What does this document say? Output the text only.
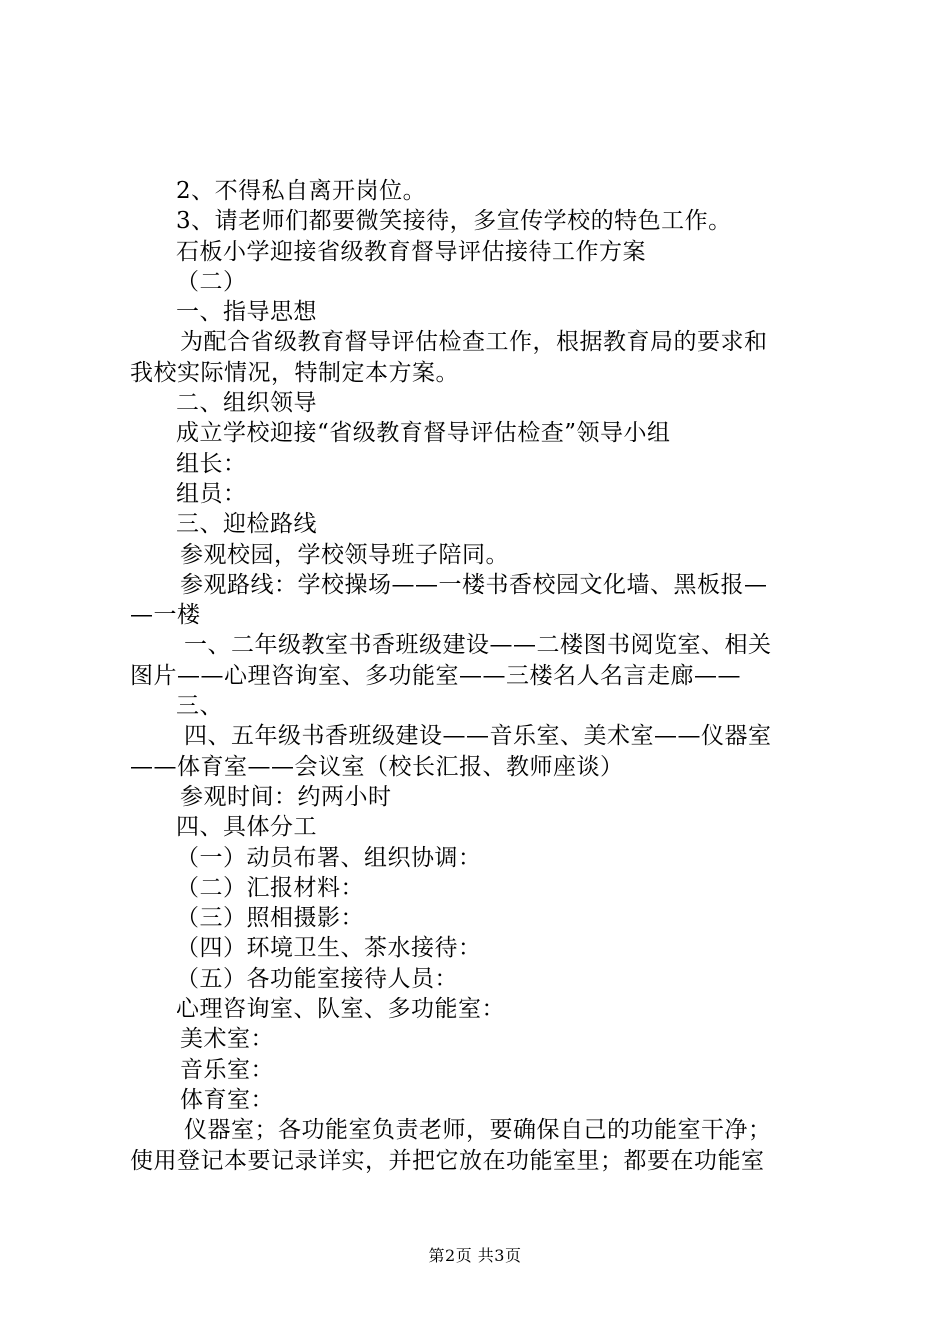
2、不得私自离开岗位。
3、请老师们都要微笑接待，多宣传学校的特色工作。
石板小学迎接省级教育督导评估接待工作方案
（二）
一、指导思想
为配合省级教育督导评估检查工作，根据教育局的要求和
我校实际情况，特制定本方案。
二、组织领导
成立学校迎接“省级教育督导评估检查”领导小组
组长：
组员：
三、迎检路线
参观校园，学校领导班子陪同。
参观路线：学校操场——一楼书香校园文化墙、黑板报—
—一楼
一、二年级教室书香班级建设——二楼图书阅览室、相关
图片——心理咨询室、多功能室——三楼名人名言走廊——
三、
四、五年级书香班级建设——音乐室、美术室——仪器室
——体育室——会议室（校长汇报、教师座谈）
参观时间：约两小时
四、具体分工
（一）动员布署、组织协调：
（二）汇报材料：
（三）照相摄影：
（四）环境卫生、茶水接待：
（五）各功能室接待人员：
心理咨询室、队室、多功能室：
美术室：
音乐室：
体育室：
仪器室；各功能室负责老师，要确保自己的功能室干净；
使用登记本要记录详实，并把它放在功能室里；都要在功能室
第2页 共3页
